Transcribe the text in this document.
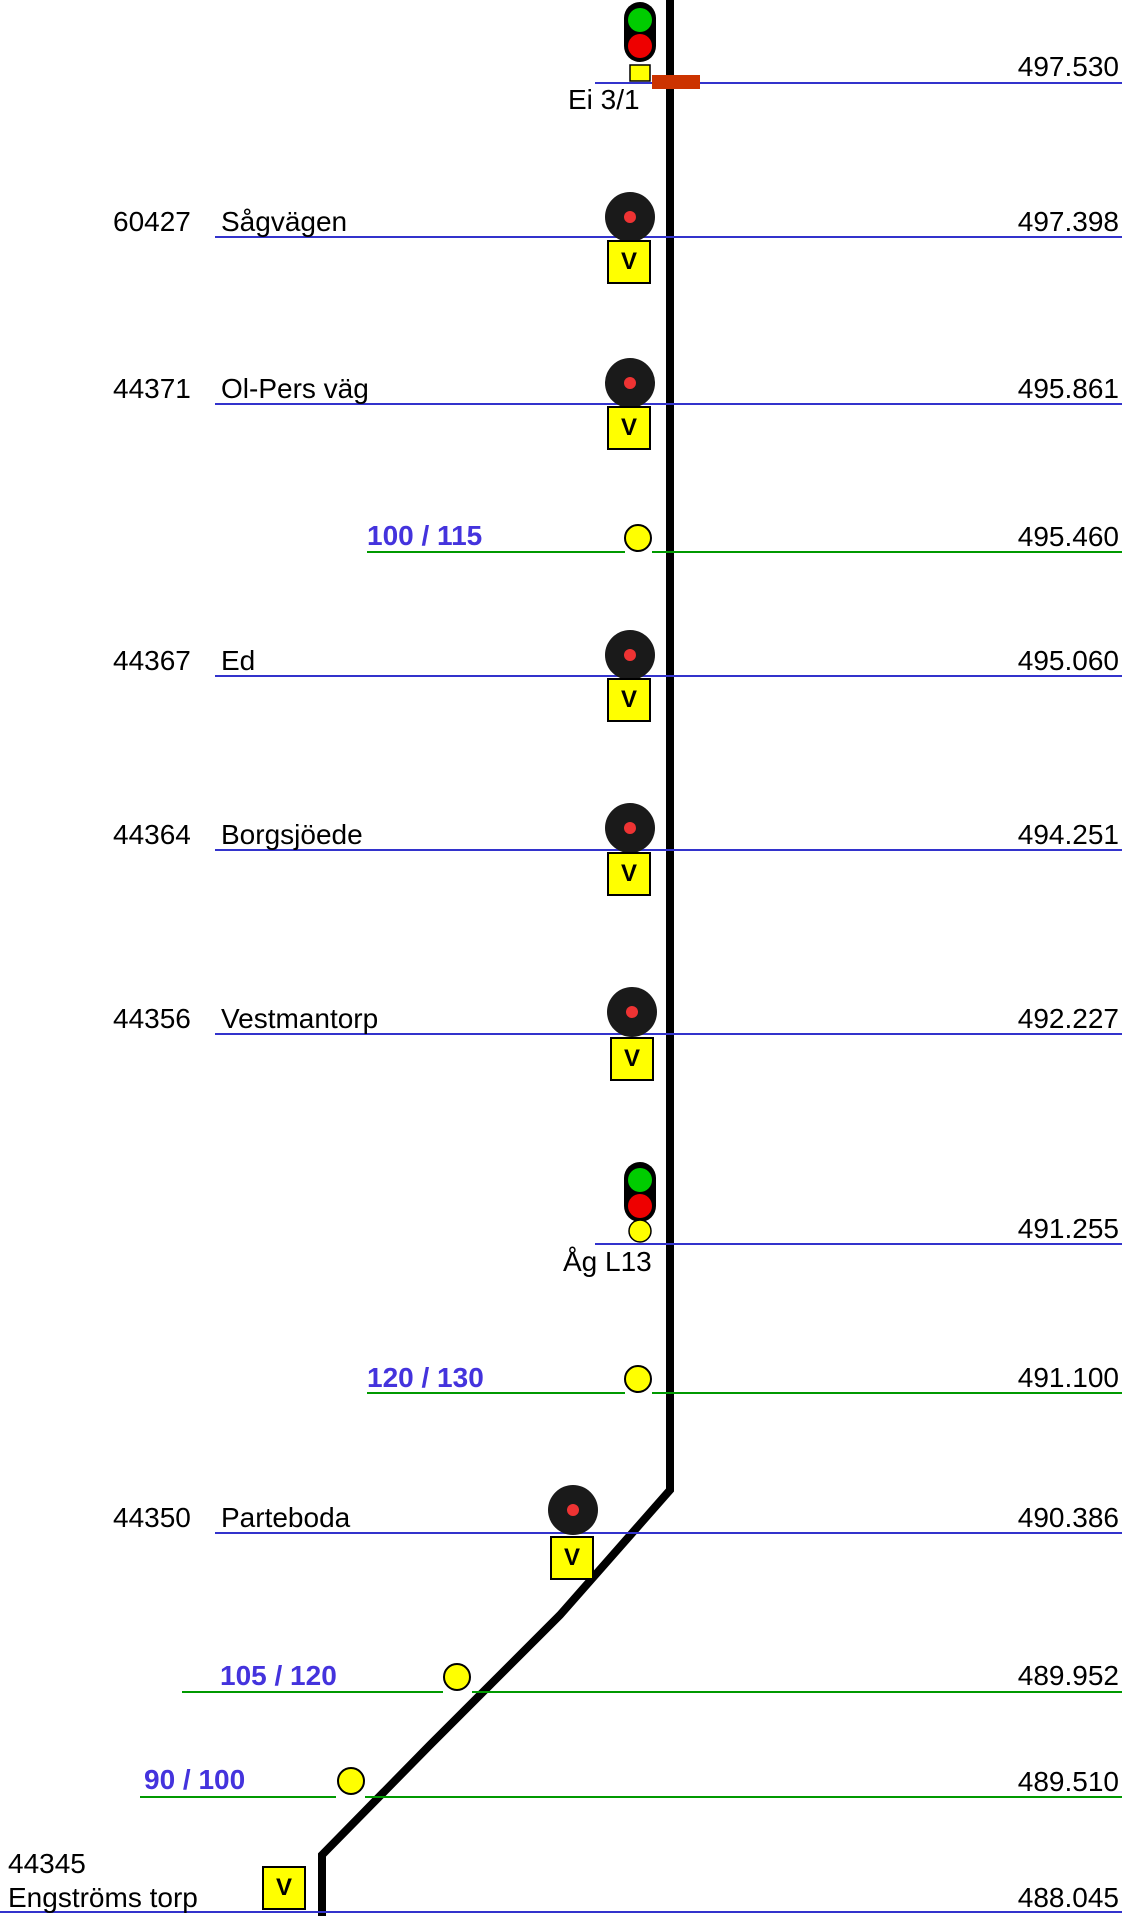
V
V
V
V
V
V
V
60427
44371
44367
44364
44356
44350
44345
Sågvägen
Ol-Pers väg
Ed
Borgsjöede
Vestmantorp
Parteboda
Engströms torp
Ei 3/1
Åg L13
100 / 115
120 / 130
105 / 120
90 / 100
497.530
497.398
495.861
495.460
495.060
494.251
492.227
491.255
491.100
490.386
489.952
489.510
488.045
